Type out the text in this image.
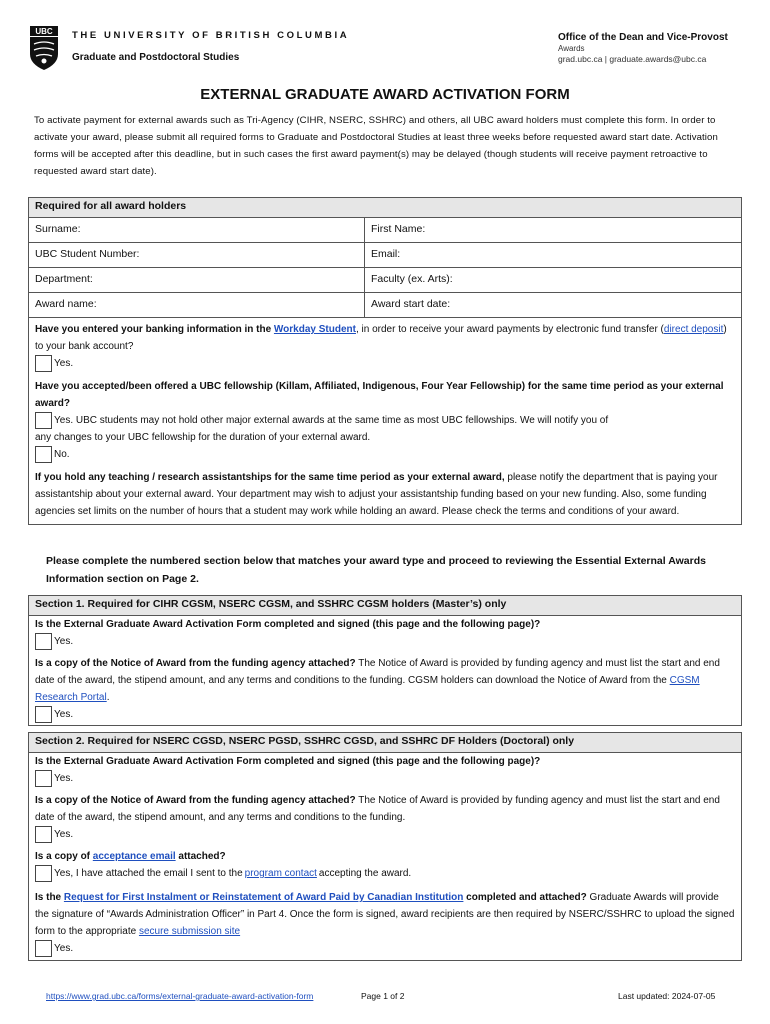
UBC THE UNIVERSITY OF BRITISH COLUMBIA
Graduate and Postdoctoral Studies
Office of the Dean and Vice-Provost
Awards
grad.ubc.ca | graduate.awards@ubc.ca
EXTERNAL GRADUATE AWARD ACTIVATION FORM
To activate payment for external awards such as Tri-Agency (CIHR, NSERC, SSHRC) and others, all UBC award holders must complete this form. In order to activate your award, please submit all required forms to Graduate and Postdoctoral Studies at least three weeks before requested award start date. Activation forms will be accepted after this deadline, but in such cases the first award payment(s) may be delayed (though students will receive payment retroactive to requested award start date).
Required for all award holders
Surname:	First Name:
UBC Student Number:	Email:
Department:	Faculty (ex. Arts):
Award name:	Award start date:
Have you entered your banking information in the Workday Student, in order to receive your award payments by electronic fund transfer (direct deposit) to your bank account?
Yes.
Have you accepted/been offered a UBC fellowship (Killam, Affiliated, Indigenous, Four Year Fellowship) for the same time period as your external award?
Yes. UBC students may not hold other major external awards at the same time as most UBC fellowships. We will notify you of
any changes to your UBC fellowship for the duration of your external award.
No.
If you hold any teaching / research assistantships for the same time period as your external award, please notify the department that is paying your assistantship about your external award. Your department may wish to adjust your assistantship funding based on your new funding. Also, some funding agencies set limits on the number of hours that a student may work while holding an award. Please check the terms and conditions of your award.
Please complete the numbered section below that matches your award type and proceed to reviewing the Essential External Awards Information section on Page 2.
Section 1. Required for CIHR CGSM, NSERC CGSM, and SSHRC CGSM holders (Master’s) only
Is the External Graduate Award Activation Form completed and signed (this page and the following page)?
Yes.
Is a copy of the Notice of Award from the funding agency attached? The Notice of Award is provided by funding agency and must list the start and end date of the award, the stipend amount, and any terms and conditions to the funding. CGSM holders can download the Notice of Award from the CGSM Research Portal.
Yes.
Section 2. Required for NSERC CGSD, NSERC PGSD, SSHRC CGSD, and SSHRC DF Holders (Doctoral) only
Is the External Graduate Award Activation Form completed and signed (this page and the following page)?
Yes.
Is a copy of the Notice of Award from the funding agency attached? The Notice of Award is provided by funding agency and must list the start and end date of the award, the stipend amount, and any terms and conditions to the funding.
Yes.
Is a copy of acceptance email attached?
Yes, I have attached the email I sent to the program contact accepting the award.
Is the Request for First Instalment or Reinstatement of Award Paid by Canadian Institution completed and attached? Graduate Awards will provide the signature of “Awards Administration Officer” in Part 4. Once the form is signed, award recipients are then required by NSERC/SSHRC to upload the signed form to the appropriate secure submission site
Yes.
https://www.grad.ubc.ca/forms/external-graduate-award-activation-form	Page 1 of 2	Last updated: 2024-07-05
